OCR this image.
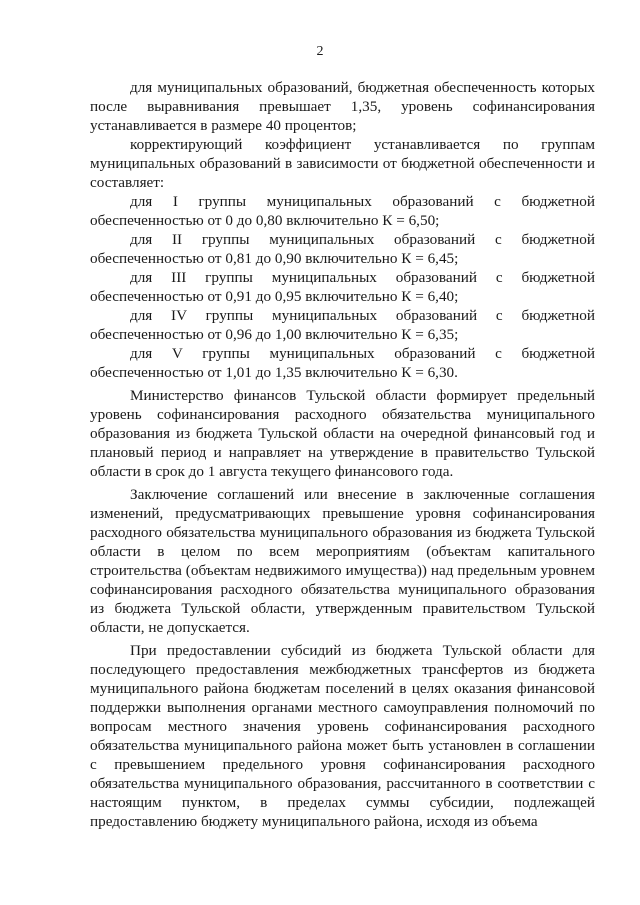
2

для муниципальных образований, бюджетная обеспеченность которых после выравнивания превышает 1,35, уровень софинансирования устанавливается в размере 40 процентов;

корректирующий коэффициент устанавливается по группам муниципальных образований в зависимости от бюджетной обеспеченности и составляет:

для I группы муниципальных образований с бюджетной обеспеченностью от 0 до 0,80 включительно К = 6,50;

для II группы муниципальных образований с бюджетной обеспеченностью от 0,81 до 0,90 включительно К = 6,45;

для III группы муниципальных образований с бюджетной обеспеченностью от 0,91 до 0,95 включительно К = 6,40;

для IV группы муниципальных образований с бюджетной обеспеченностью от 0,96 до 1,00 включительно К = 6,35;

для V группы муниципальных образований с бюджетной обеспеченностью от 1,01 до 1,35 включительно К = 6,30.

Министерство финансов Тульской области формирует предельный уровень софинансирования расходного обязательства муниципального образования из бюджета Тульской области на очередной финансовый год и плановый период и направляет на утверждение в правительство Тульской области в срок до 1 августа текущего финансового года.

Заключение соглашений или внесение в заключенные соглашения изменений, предусматривающих превышение уровня софинансирования расходного обязательства муниципального образования из бюджета Тульской области в целом по всем мероприятиям (объектам капитального строительства (объектам недвижимого имущества)) над предельным уровнем софинансирования расходного обязательства муниципального образования из бюджета Тульской области, утвержденным правительством Тульской области, не допускается.

При предоставлении субсидий из бюджета Тульской области для последующего предоставления межбюджетных трансфертов из бюджета муниципального района бюджетам поселений в целях оказания финансовой поддержки выполнения органами местного самоуправления полномочий по вопросам местного значения уровень софинансирования расходного обязательства муниципального района может быть установлен в соглашении с превышением предельного уровня софинансирования расходного обязательства муниципального образования, рассчитанного в соответствии с настоящим пунктом, в пределах суммы субсидии, подлежащей предоставлению бюджету муниципального района, исходя из объема
